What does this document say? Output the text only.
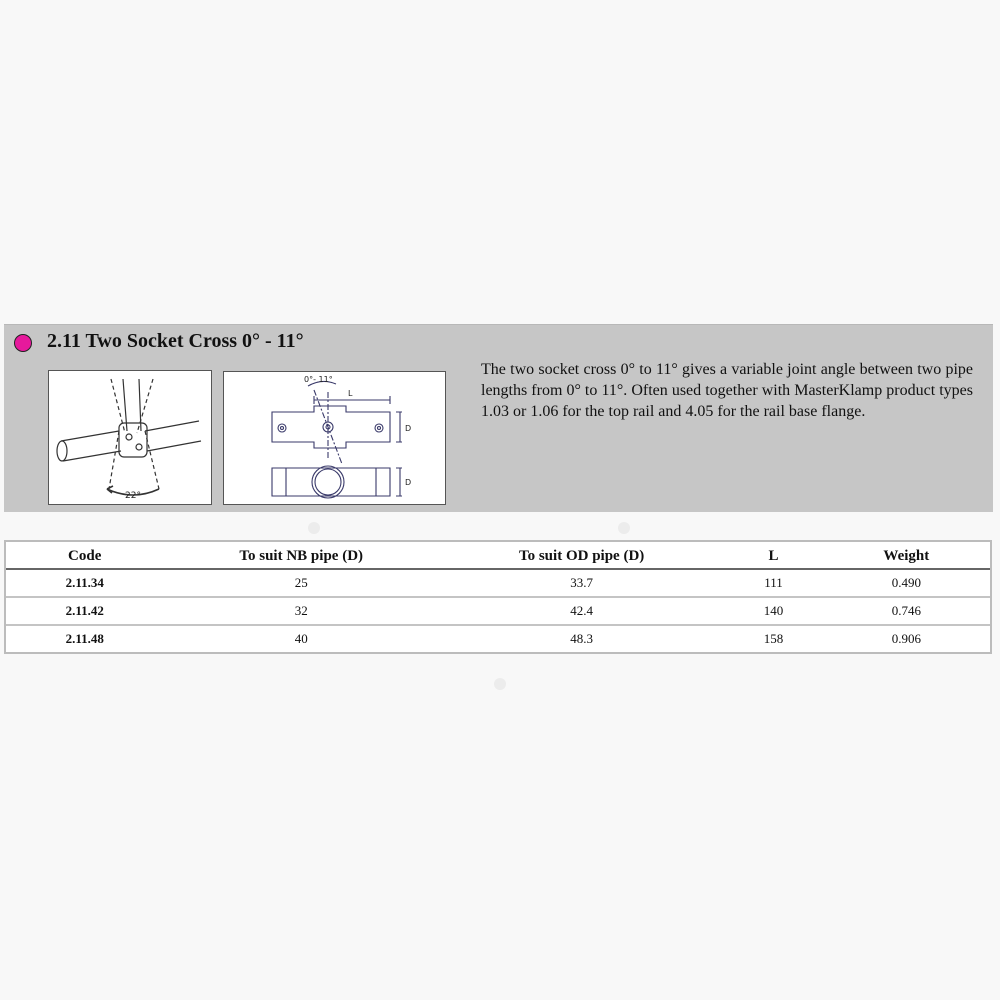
2.11 Two Socket Cross 0° - 11°
22°
0°- 11°
L
D
D
The two socket cross 0° to 11° gives a variable joint angle between two pipe lengths from 0° to 11°. Often used together with MasterKlamp product types 1.03 or 1.06 for the top rail and 4.05 for the rail base flange.
Code	To suit NB pipe (D)	To suit OD pipe (D)	L	Weight
2.11.34	25	33.7	111	0.490
2.11.42	32	42.4	140	0.746
2.11.48	40	48.3	158	0.906
